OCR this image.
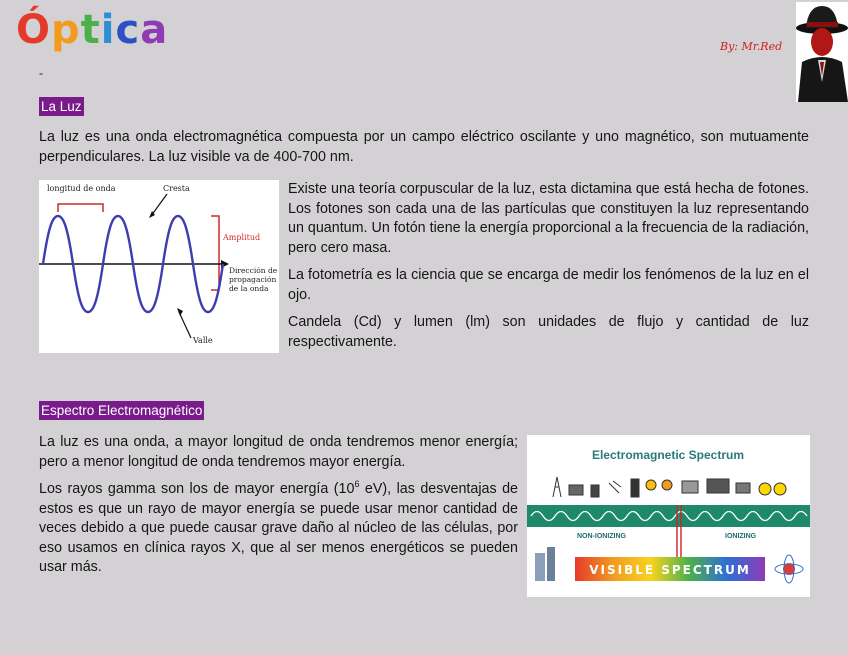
Óptica	By: Mr.Red
-
La Luz

La luz es una onda electromagnética compuesta por un campo eléctrico oscilante y uno magnético, son mutuamente perpendiculares. La luz visible va de 400-700 nm.

longitud de onda	Cresta
Amplitud
Dirección de propagación de la onda
Valle

Existe una teoría corpuscular de la luz, esta dictamina que está hecha de fotones. Los fotones son cada una de las partículas que constituyen la luz representando un quantum. Un fotón tiene la energía proporcional a la frecuencia de la radiación, pero cero masa.

La fotometría es la ciencia que se encarga de medir los fenómenos de la luz en el ojo.

Candela (Cd) y lumen (lm) son unidades de flujo y cantidad de luz respectivamente.

Espectro Electromagnético

La luz es una onda, a mayor longitud de onda tendremos menor energía; pero a menor longitud de onda tendremos mayor energía.

Los rayos gamma son los de mayor energía ($10^6$ eV), las desventajas de estos es que un rayo de mayor energía se puede usar menor cantidad de veces debido a que puede causar grave daño al núcleo de las células, por eso usamos en clínica rayos X, que al ser menos energéticos se pueden usar más.

Electromagnetic Spectrum
NON-IONIZING	IONIZING
VISIBLE SPECTRUM
